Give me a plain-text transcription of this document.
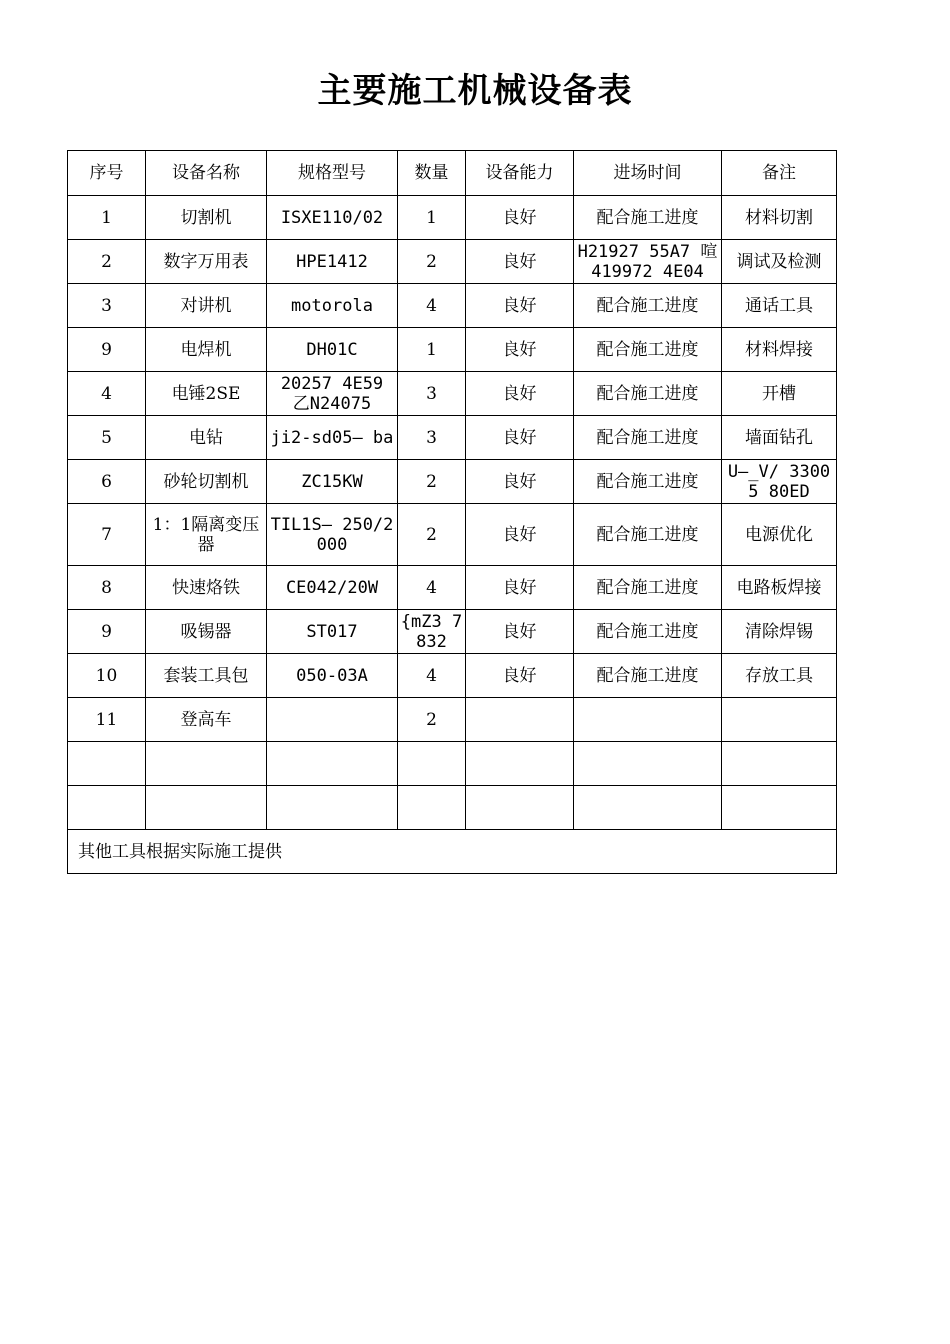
主要施工机械设备表
序号	设备名称	规格型号	数量	设备能力	进场时间	备注
1	切割机	ISXE110/02	1	良好	配合施工进度	材料切割
2	数字万用表	HPE1412	2	良好	H21927 55A7 喧419972 4E04	调试及检测
3	对讲机	motorola	4	良好	配合施工进度	通话工具
9	电焊机	DH01C	1	良好	配合施工进度	材料焊接
4	电锤2SE	20257 4E59 乙N24075	3	良好	配合施工进度	开槽
5	电钻	ji2-sd05— ba	3	良好	配合施工进度	墙面钻孔
6	砂轮切割机	ZC15KW	2	良好	配合施工进度	U—_V/ 33005 80ED
7	1：1隔离变压器	TIL1S— 250/2000	2	良好	配合施工进度	电源优化
8	快速烙铁	CE042/20W	4	良好	配合施工进度	电路板焊接
9	吸锡器	ST017	{mZ3 7832	良好	配合施工进度	清除焊锡
10	套装工具包	050-03A	4	良好	配合施工进度	存放工具
11	登高车		2			

其他工具根据实际施工提供						
